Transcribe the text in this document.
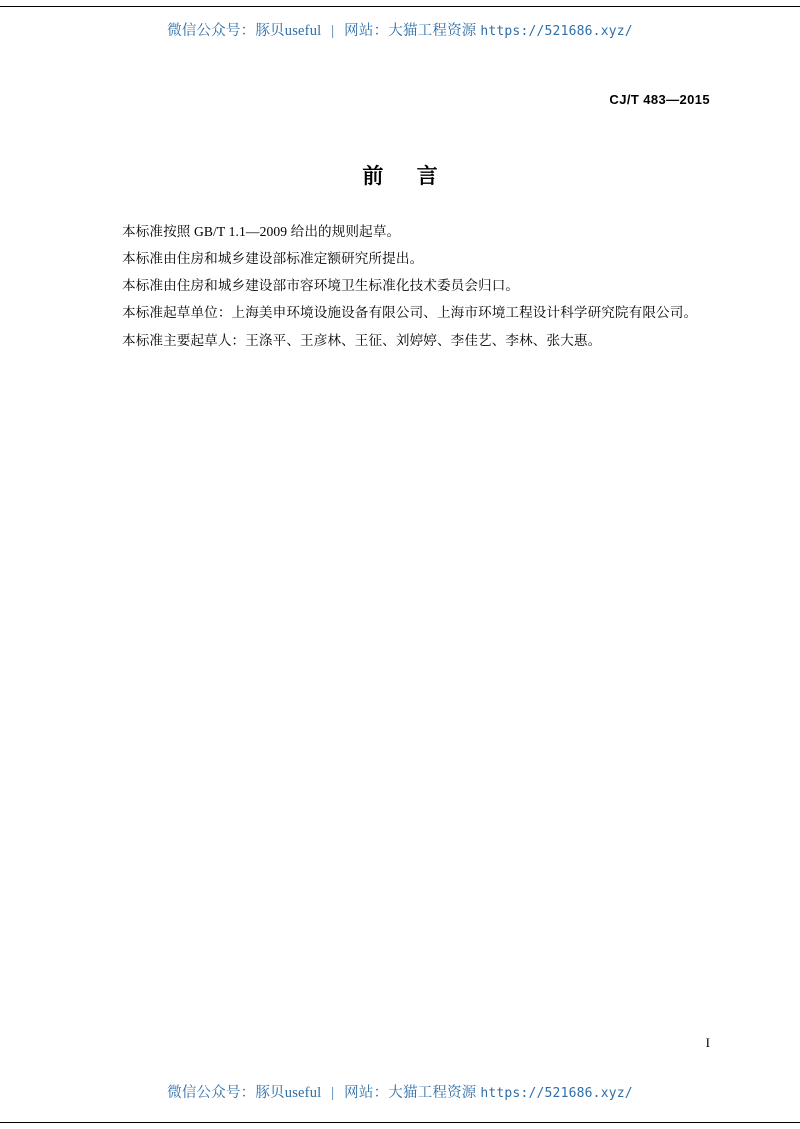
微信公众号：豚贝useful | 网站：大猫工程资源 https://521686.xyz/
CJ/T 483—2015
前 言

本标准按照 GB/T 1.1—2009 给出的规则起草。

本标准由住房和城乡建设部标准定额研究所提出。

本标准由住房和城乡建设部市容环境卫生标准化技术委员会归口。

本标准起草单位：上海美申环境设施设备有限公司、上海市环境工程设计科学研究院有限公司。

本标准主要起草人：王涤平、王彦林、王征、刘婷婷、李佳艺、李林、张大惠。

I
微信公众号：豚贝useful | 网站：大猫工程资源 https://521686.xyz/
